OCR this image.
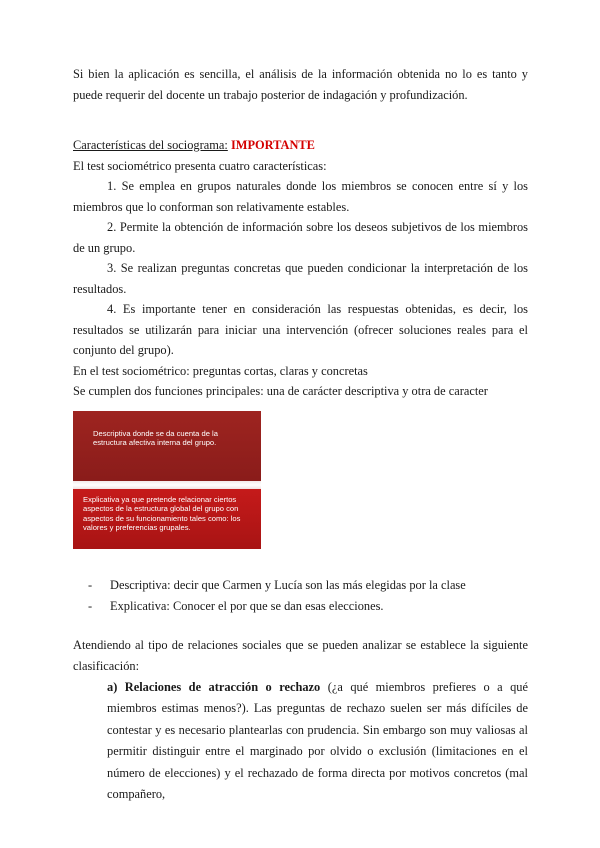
Si bien la aplicación es sencilla, el análisis de la información obtenida no lo es tanto y puede requerir del docente un trabajo posterior de indagación y profundización.

Características del sociograma: IMPORTANTE

El test sociométrico presenta cuatro características:

1. Se emplea en grupos naturales donde los miembros se conocen entre sí y los miembros que lo conforman son relativamente estables.

2. Permite la obtención de información sobre los deseos subjetivos de los miembros de un grupo.

3. Se realizan preguntas concretas que pueden condicionar la interpretación de los resultados.

4. Es importante tener en consideración las respuestas obtenidas, es decir, los resultados se utilizarán para iniciar una intervención (ofrecer soluciones reales para el conjunto del grupo).

En el test sociométrico: preguntas cortas, claras y concretas

Se cumplen dos funciones principales: una de carácter descriptiva y otra de caracter

Descriptiva donde se da cuenta de la estructura afectiva interna del grupo.
Explicativa ya que pretende relacionar ciertos aspectos de la estructura global del grupo con aspectos de su funcionamiento tales como: los valores y preferencias grupales.
-	Descriptiva: decir que Carmen y Lucía son las más elegidas por la clase
-	Explicativa: Conocer el por que se dan esas elecciones.

Atendiendo al tipo de relaciones sociales que se pueden analizar se establece la siguiente clasificación:

a) Relaciones de atracción o rechazo (¿a qué miembros prefieres o a qué miembros estimas menos?). Las preguntas de rechazo suelen ser más difíciles de contestar y es necesario plantearlas con prudencia. Sin embargo son muy valiosas al permitir distinguir entre el marginado por olvido o exclusión (limitaciones en el número de elecciones) y el rechazado de forma directa por motivos concretos (mal compañero,
